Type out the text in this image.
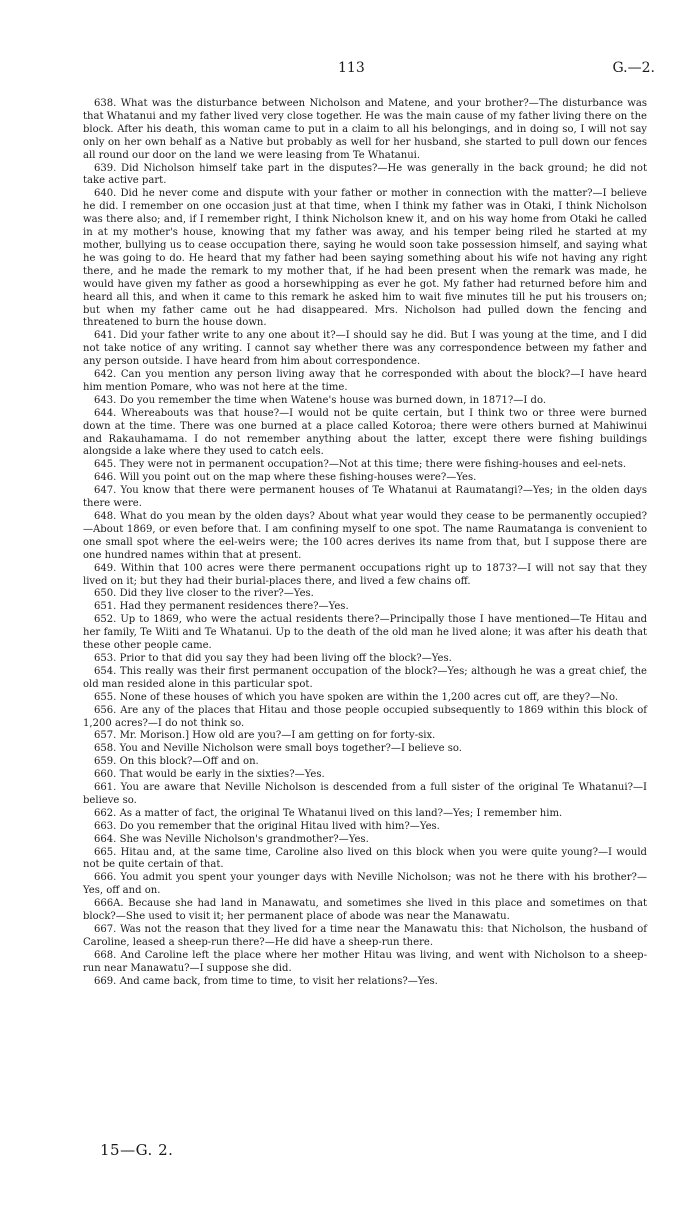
113	G.—2.

638. What was the disturbance between Nicholson and Matene, and your brother?—The disturbance was that Whatanui and my father lived very close together. He was the main cause of my father living there on the block. After his death, this woman came to put in a claim to all his belongings, and in doing so, I will not say only on her own behalf as a Native but probably as well for her husband, she started to pull down our fences all round our door on the land we were leasing from Te Whatanui.

639. Did Nicholson himself take part in the disputes?—He was generally in the back ground; he did not take active part.

640. Did he never come and dispute with your father or mother in connection with the matter?—I believe he did. I remember on one occasion just at that time, when I think my father was in Otaki, I think Nicholson was there also; and, if I remember right, I think Nicholson knew it, and on his way home from Otaki he called in at my mother's house, knowing that my father was away, and his temper being riled he started at my mother, bullying us to cease occupation there, saying he would soon take possession himself, and saying what he was going to do. He heard that my father had been saying something about his wife not having any right there, and he made the remark to my mother that, if he had been present when the remark was made, he would have given my father as good a horsewhipping as ever he got. My father had returned before him and heard all this, and when it came to this remark he asked him to wait five minutes till he put his trousers on; but when my father came out he had disappeared. Mrs. Nicholson had pulled down the fencing and threatened to burn the house down.

641. Did your father write to any one about it?—I should say he did. But I was young at the time, and I did not take notice of any writing. I cannot say whether there was any correspondence between my father and any person outside. I have heard from him about correspondence.

642. Can you mention any person living away that he corresponded with about the block?—I have heard him mention Pomare, who was not here at the time.

643. Do you remember the time when Watene's house was burned down, in 1871?—I do.

644. Whereabouts was that house?—I would not be quite certain, but I think two or three were burned down at the time. There was one burned at a place called Kotoroa; there were others burned at Mahiwinui and Rakauhamama. I do not remember anything about the latter, except there were fishing buildings alongside a lake where they used to catch eels.

645. They were not in permanent occupation?—Not at this time; there were fishing-houses and eel-nets.

646. Will you point out on the map where these fishing-houses were?—Yes.

647. You know that there were permanent houses of Te Whatanui at Raumatangi?—Yes; in the olden days there were.

648. What do you mean by the olden days? About what year would they cease to be permanently occupied?—About 1869, or even before that. I am confining myself to one spot. The name Raumatanga is convenient to one small spot where the eel-weirs were; the 100 acres derives its name from that, but I suppose there are one hundred names within that at present.

649. Within that 100 acres were there permanent occupations right up to 1873?—I will not say that they lived on it; but they had their burial-places there, and lived a few chains off.

650. Did they live closer to the river?—Yes.

651. Had they permanent residences there?—Yes.

652. Up to 1869, who were the actual residents there?—Principally those I have mentioned—Te Hitau and her family, Te Wiiti and Te Whatanui. Up to the death of the old man he lived alone; it was after his death that these other people came.

653. Prior to that did you say they had been living off the block?—Yes.

654. This really was their first permanent occupation of the block?—Yes; although he was a great chief, the old man resided alone in this particular spot.

655. None of these houses of which you have spoken are within the 1,200 acres cut off, are they?—No.

656. Are any of the places that Hitau and those people occupied subsequently to 1869 within this block of 1,200 acres?—I do not think so.

657. Mr. Morison.] How old are you?—I am getting on for forty-six.

658. You and Neville Nicholson were small boys together?—I believe so.

659. On this block?—Off and on.

660. That would be early in the sixties?—Yes.

661. You are aware that Neville Nicholson is descended from a full sister of the original Te Whatanui?—I believe so.

662. As a matter of fact, the original Te Whatanui lived on this land?—Yes; I remember him.

663. Do you remember that the original Hitau lived with him?—Yes.

664. She was Neville Nicholson's grandmother?—Yes.

665. Hitau and, at the same time, Caroline also lived on this block when you were quite young?—I would not be quite certain of that.

666. You admit you spent your younger days with Neville Nicholson; was not he there with his brother?—Yes, off and on.

666A. Because she had land in Manawatu, and sometimes she lived in this place and sometimes on that block?—She used to visit it; her permanent place of abode was near the Manawatu.

667. Was not the reason that they lived for a time near the Manawatu this: that Nicholson, the husband of Caroline, leased a sheep-run there?—He did have a sheep-run there.

668. And Caroline left the place where her mother Hitau was living, and went with Nicholson to a sheep-run near Manawatu?—I suppose she did.

669. And came back, from time to time, to visit her relations?—Yes.

15—G. 2.
